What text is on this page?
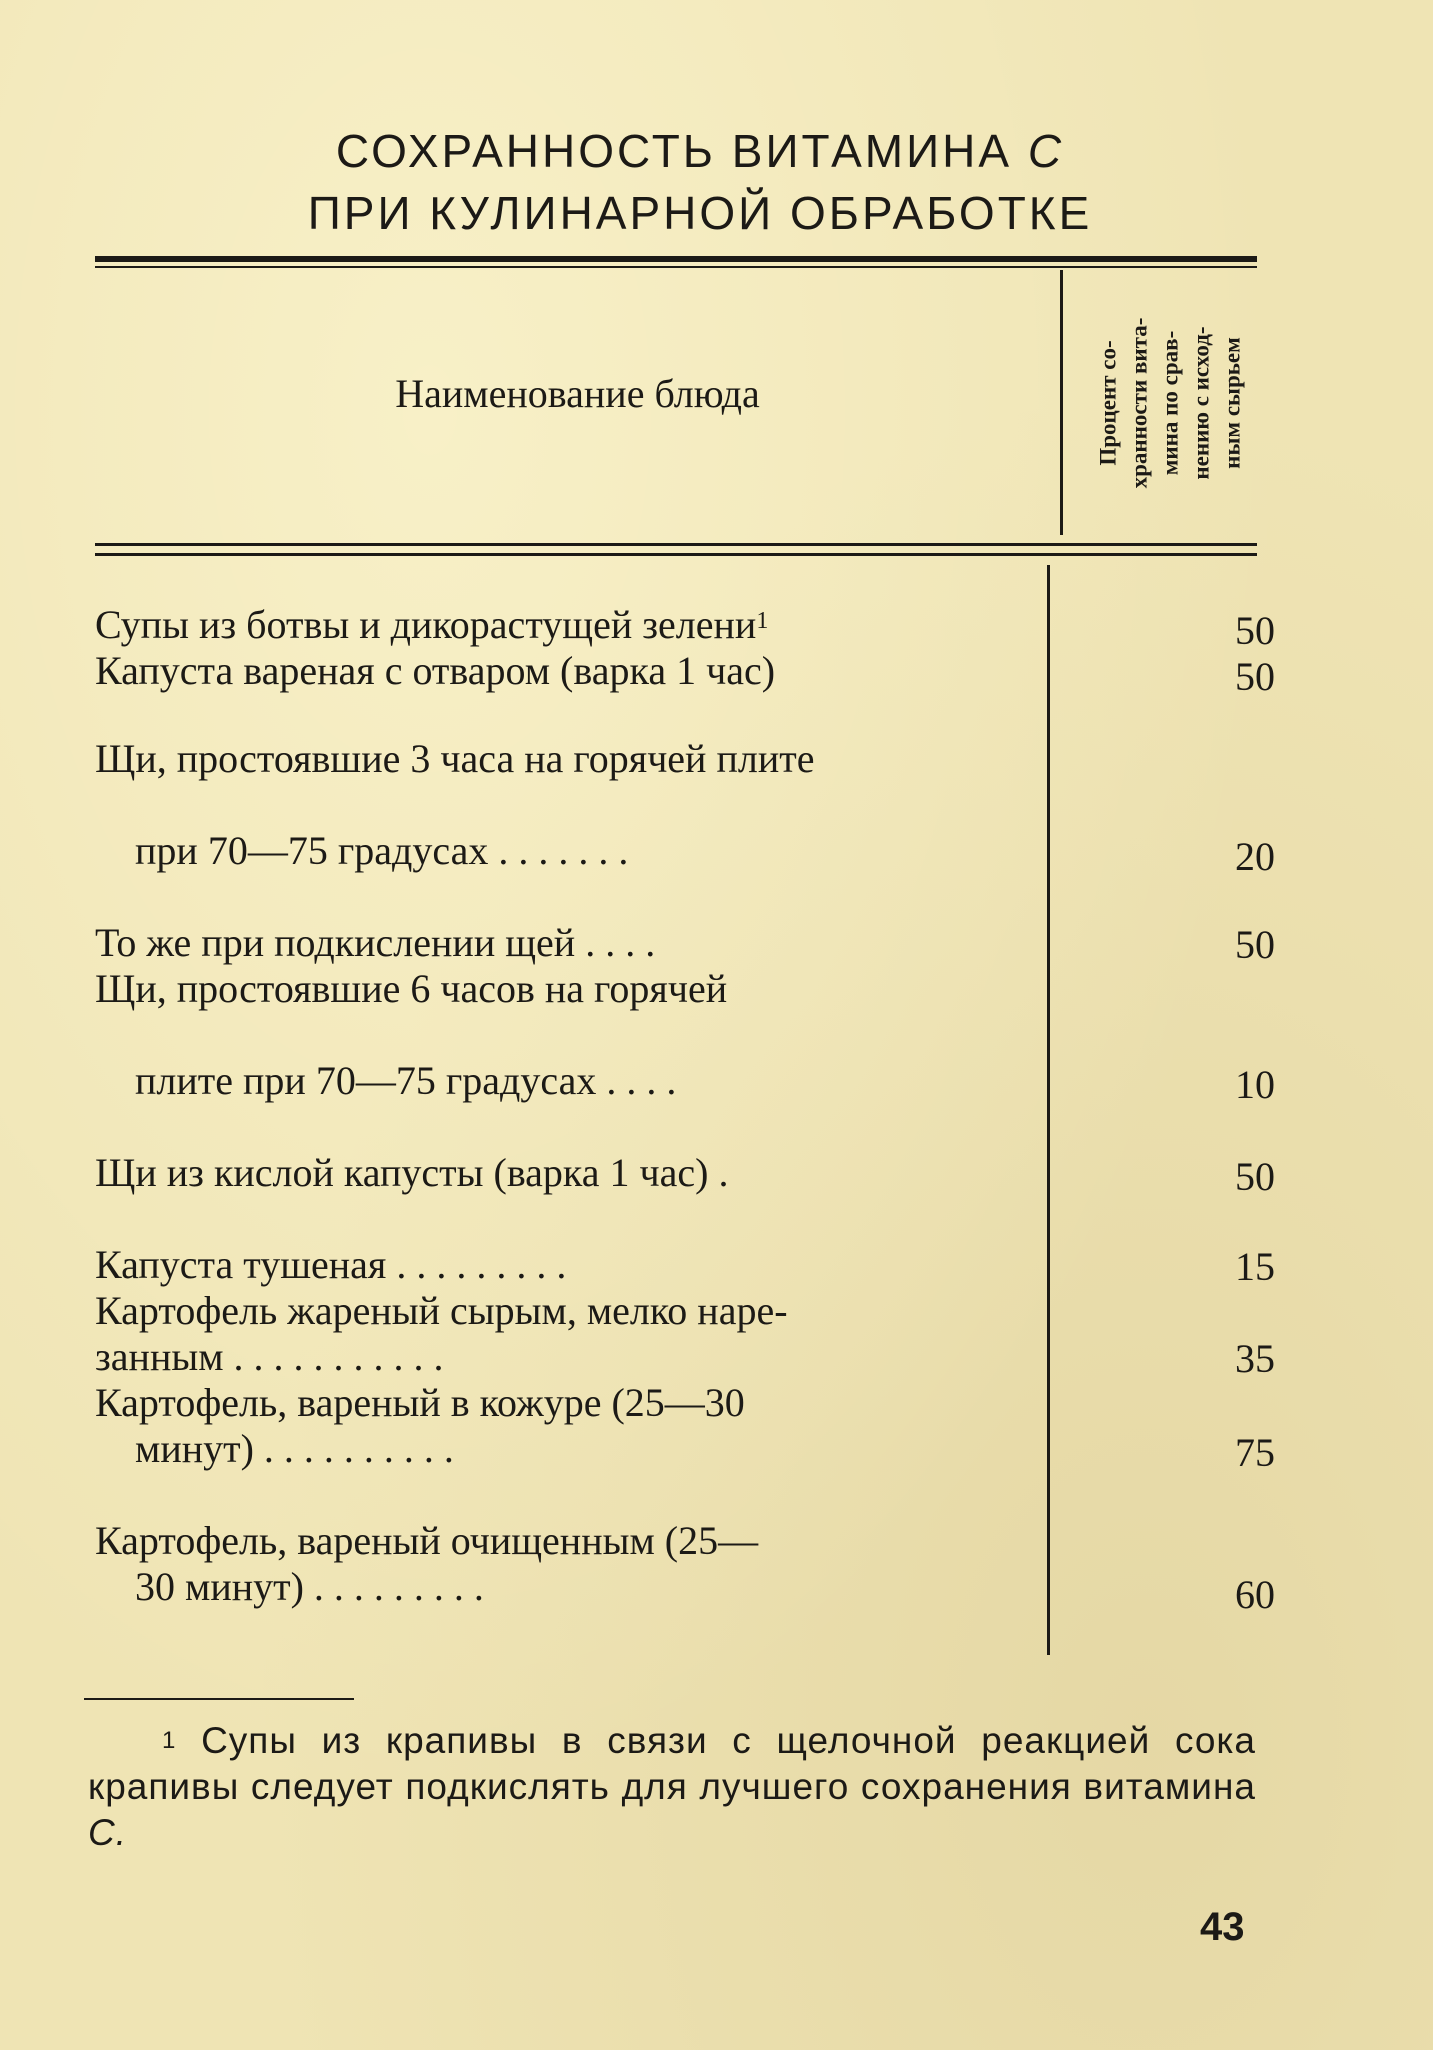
СОХРАННОСТЬ ВИТАМИНА С
ПРИ КУЛИНАРНОЙ ОБРАБОТКЕ
Наименование блюда	Процент со- хранности вита- мина по срав- нению с исход- ным сырьем
Супы из ботвы и дикорастущей зелени$^1$	50
Капуста вареная с отваром (варка 1 час)	50
Щи, простоявшие 3 часа на горячей плите
при 70—75 градусах . . . . . . .	20
То же при подкислении щей . . . .	50
Щи, простоявшие 6 часов на горячей
плите при 70—75 градусах . . . .	10
Щи из кислой капусты (варка 1 час) .	50
Капуста тушеная . . . . . . . . .	15
Картофель жареный сырым, мелко наре-
занным . . . . . . . . . . .	35
Картофель, вареный в кожуре (25—30
минут) . . . . . . . . . .	75
Картофель, вареный очищенным (25—
30 минут) . . . . . . . . .	60
$^1$ Супы из крапивы в связи с щелочной реакцией сока крапивы следует подкислять для лучшего сохранения витамина С.
43
